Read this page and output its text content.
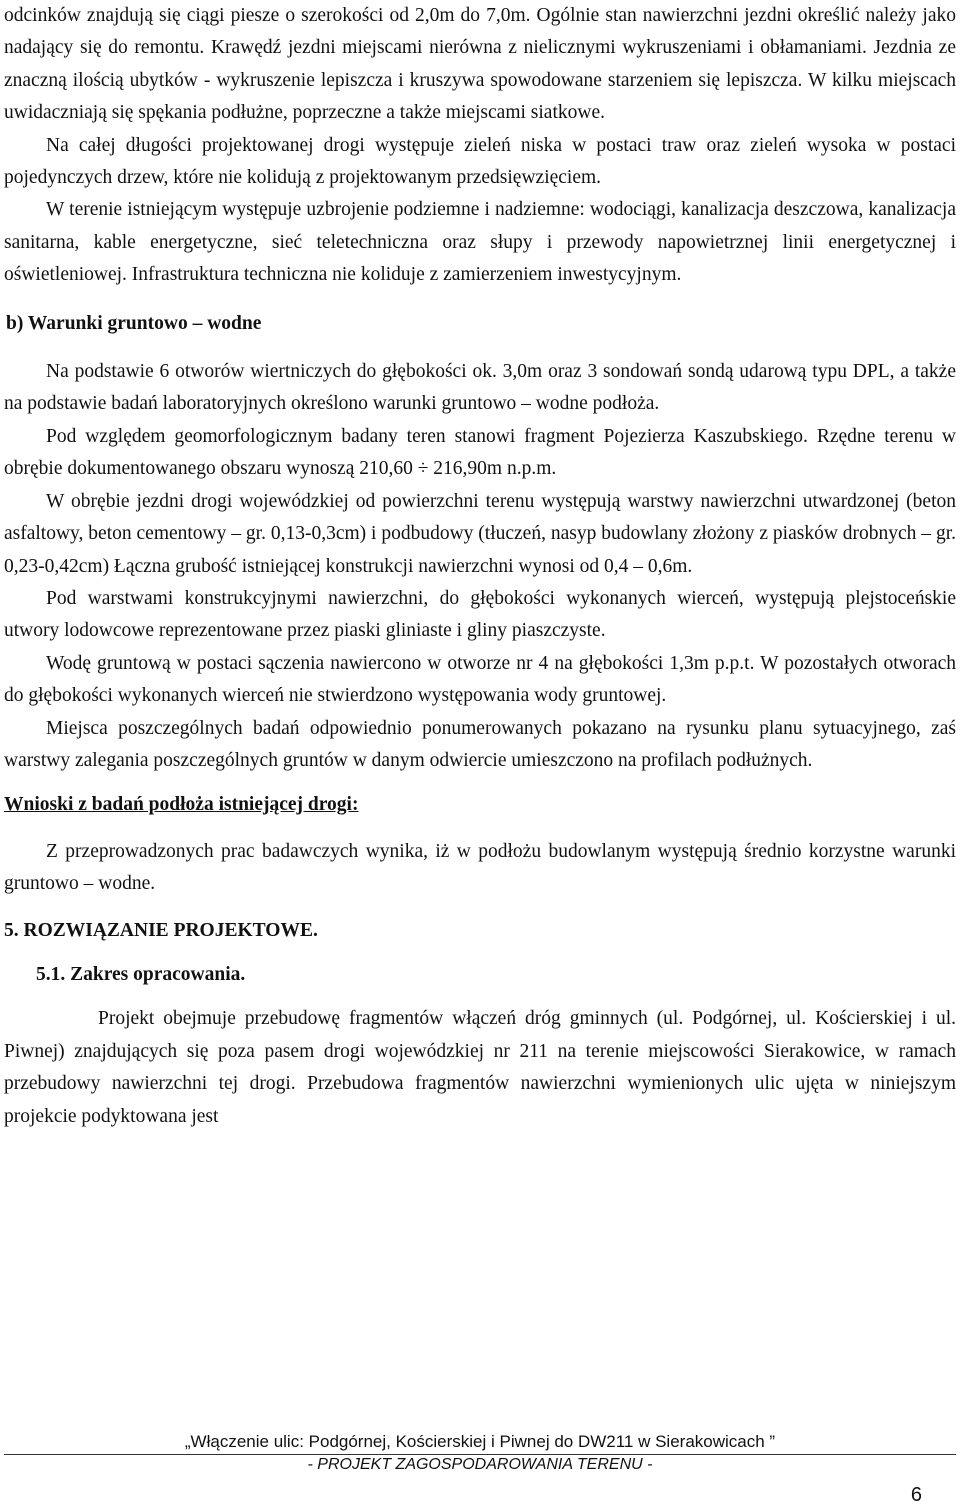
odcinków znajdują się ciągi piesze o szerokości od 2,0m do 7,0m. Ogólnie stan nawierzchni jezdni określić należy jako nadający się do remontu. Krawędź jezdni miejscami nierówna z nielicznymi wykruszeniami i obłamaniami. Jezdnia ze znaczną ilością ubytków - wykruszenie lepiszcza i kruszywa spowodowane starzeniem się lepiszcza. W kilku miejscach uwidaczniają się spękania podłużne, poprzeczne a także miejscami siatkowe.

Na całej długości projektowanej drogi występuje zieleń niska w postaci traw oraz zieleń wysoka w postaci pojedynczych drzew, które nie kolidują z projektowanym przedsięwzięciem.

W terenie istniejącym występuje uzbrojenie podziemne i nadziemne: wodociągi, kanalizacja deszczowa, kanalizacja sanitarna, kable energetyczne, sieć teletechniczna oraz słupy i przewody napowietrznej linii energetycznej i oświetleniowej. Infrastruktura techniczna nie koliduje z zamierzeniem inwestycyjnym.

b) Warunki gruntowo – wodne

Na podstawie 6 otworów wiertniczych do głębokości ok. 3,0m oraz 3 sondowań sondą udarową typu DPL, a także na podstawie badań laboratoryjnych określono warunki gruntowo – wodne podłoża.

Pod względem geomorfologicznym badany teren stanowi fragment Pojezierza Kaszubskiego. Rzędne terenu w obrębie dokumentowanego obszaru wynoszą 210,60 ÷ 216,90m n.p.m.

W obrębie jezdni drogi wojewódzkiej od powierzchni terenu występują warstwy nawierzchni utwardzonej (beton asfaltowy, beton cementowy – gr. 0,13-0,3cm) i podbudowy (tłuczeń, nasyp budowlany złożony z piasków drobnych – gr. 0,23-0,42cm) Łączna grubość istniejącej konstrukcji nawierzchni wynosi od 0,4 – 0,6m.

Pod warstwami konstrukcyjnymi nawierzchni, do głębokości wykonanych wierceń, występują plejstoceńskie utwory lodowcowe reprezentowane przez piaski gliniaste i gliny piaszczyste.

Wodę gruntową w postaci sączenia nawiercono w otworze nr 4 na głębokości 1,3m p.p.t. W pozostałych otworach do głębokości wykonanych wierceń nie stwierdzono występowania wody gruntowej.

Miejsca poszczególnych badań odpowiednio ponumerowanych pokazano na rysunku planu sytuacyjnego, zaś warstwy zalegania poszczególnych gruntów w danym odwiercie umieszczono na profilach podłużnych.

Wnioski z badań podłoża istniejącej drogi:

Z przeprowadzonych prac badawczych wynika, iż w podłożu budowlanym występują średnio korzystne warunki gruntowo – wodne.

5. ROZWIĄZANIE PROJEKTOWE.
5.1. Zakres opracowania.

Projekt obejmuje przebudowę fragmentów włączeń dróg gminnych (ul. Podgórnej, ul. Kościerskiej i ul. Piwnej) znajdujących się poza pasem drogi wojewódzkiej nr 211 na terenie miejscowości Sierakowice, w ramach przebudowy nawierzchni tej drogi. Przebudowa fragmentów nawierzchni wymienionych ulic ujęta w niniejszym projekcie podyktowana jest

„Włączenie ulic: Podgórnej, Kościerskiej i Piwnej do DW211 w Sierakowicach ”
- PROJEKT ZAGOSPODAROWANIA TERENU -
6
